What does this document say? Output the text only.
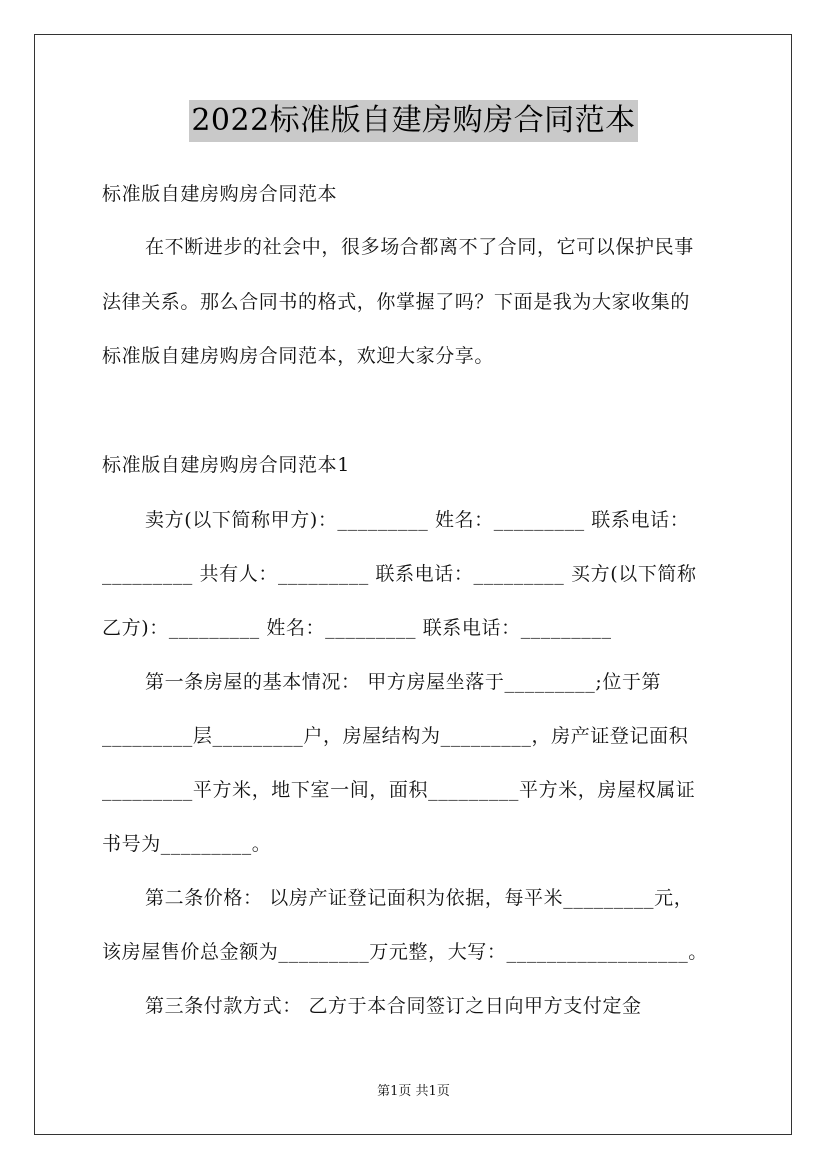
2022标准版自建房购房合同范本
标准版自建房购房合同范本
在不断进步的社会中，很多场合都离不了合同，它可以保护民事
法律关系。那么合同书的格式，你掌握了吗？下面是我为大家收集的
标准版自建房购房合同范本，欢迎大家分享。
标准版自建房购房合同范本1
卖方(以下简称甲方)：_________ 姓名：_________ 联系电话：
_________ 共有人：_________ 联系电话：_________ 买方(以下简称
乙方)：_________ 姓名：_________ 联系电话：_________
第一条房屋的基本情况： 甲方房屋坐落于_________;位于第
_________层_________户，房屋结构为_________，房产证登记面积
_________平方米，地下室一间，面积_________平方米，房屋权属证
书号为_________。
第二条价格： 以房产证登记面积为依据，每平米_________元，
该房屋售价总金额为_________万元整，大写：__________________。
第三条付款方式： 乙方于本合同签订之日向甲方支付定金
第1页 共1页
